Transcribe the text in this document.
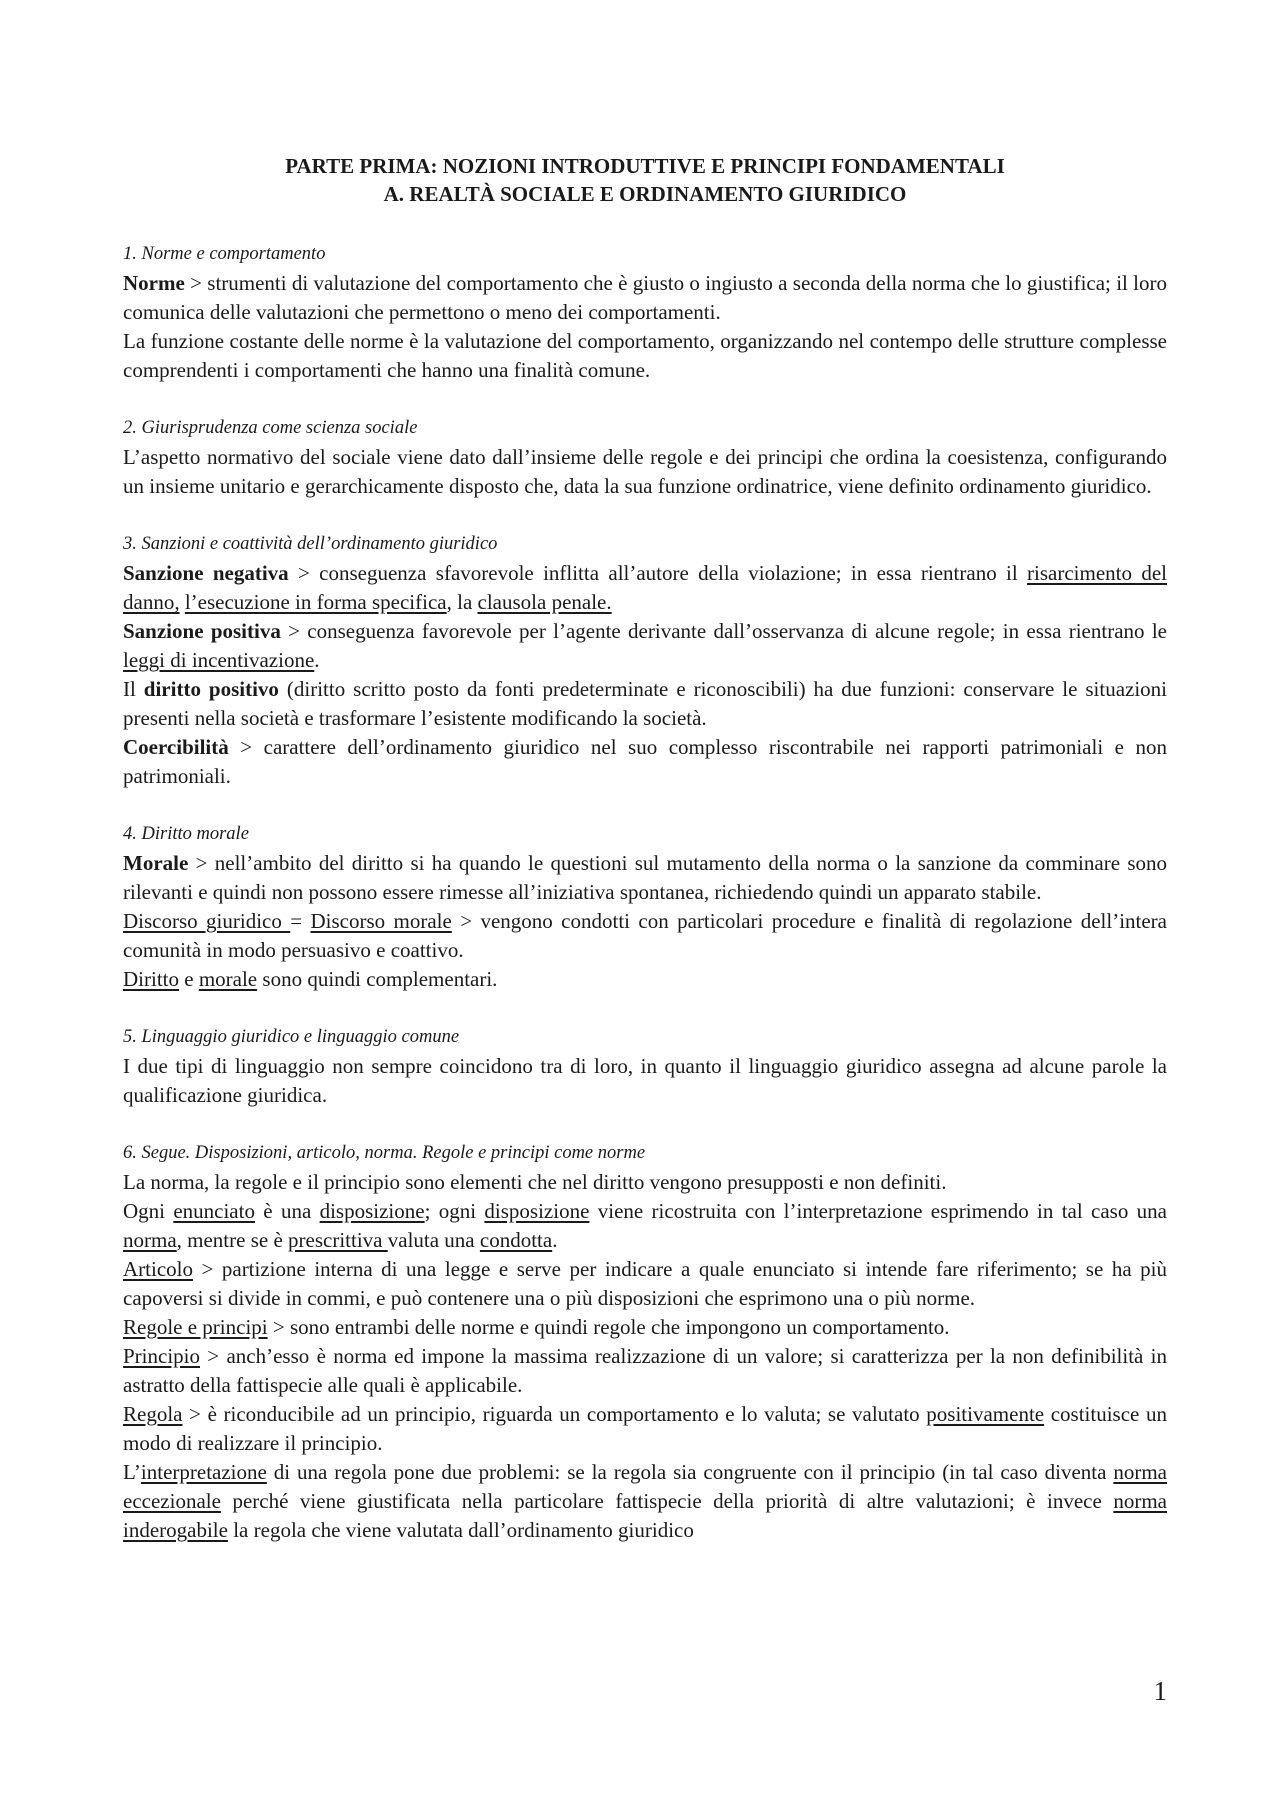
PARTE PRIMA: NOZIONI INTRODUTTIVE E PRINCIPI FONDAMENTALI
A. REALTÀ SOCIALE E ORDINAMENTO GIURIDICO

1. Norme e comportamento

Norme > strumenti di valutazione del comportamento che è giusto o ingiusto a seconda della norma che lo giustifica; il loro comunica delle valutazioni che permettono o meno dei comportamenti.

La funzione costante delle norme è la valutazione del comportamento, organizzando nel contempo delle strutture complesse comprendenti i comportamenti che hanno una finalità comune.

2. Giurisprudenza come scienza sociale

L’aspetto normativo del sociale viene dato dall’insieme delle regole e dei principi che ordina la coesistenza, configurando un insieme unitario e gerarchicamente disposto che, data la sua funzione ordinatrice, viene definito ordinamento giuridico.

3. Sanzioni e coattività dell’ordinamento giuridico

Sanzione negativa > conseguenza sfavorevole inflitta all’autore della violazione; in essa rientrano il risarcimento del danno, l’esecuzione in forma specifica, la clausola penale.

Sanzione positiva > conseguenza favorevole per l’agente derivante dall’osservanza di alcune regole; in essa rientrano le leggi di incentivazione.

Il diritto positivo (diritto scritto posto da fonti predeterminate e riconoscibili) ha due funzioni: conservare le situazioni presenti nella società e trasformare l’esistente modificando la società.

Coercibilità > carattere dell’ordinamento giuridico nel suo complesso riscontrabile nei rapporti patrimoniali e non patrimoniali.

4. Diritto morale

Morale > nell’ambito del diritto si ha quando le questioni sul mutamento della norma o la sanzione da comminare sono rilevanti e quindi non possono essere rimesse all’iniziativa spontanea, richiedendo quindi un apparato stabile.

Discorso giuridico = Discorso morale > vengono condotti con particolari procedure e finalità di regolazione dell’intera comunità in modo persuasivo e coattivo.

Diritto e morale sono quindi complementari.

5. Linguaggio giuridico e linguaggio comune

I due tipi di linguaggio non sempre coincidono tra di loro, in quanto il linguaggio giuridico assegna ad alcune parole la qualificazione giuridica.

6. Segue. Disposizioni, articolo, norma. Regole e principi come norme

La norma, la regole e il principio sono elementi che nel diritto vengono presupposti e non definiti.

Ogni enunciato è una disposizione; ogni disposizione viene ricostruita con l’interpretazione esprimendo in tal caso una norma, mentre se è prescrittiva valuta una condotta.

Articolo > partizione interna di una legge e serve per indicare a quale enunciato si intende fare riferimento; se ha più capoversi si divide in commi, e può contenere una o più disposizioni che esprimono una o più norme.

Regole e principi > sono entrambi delle norme e quindi regole che impongono un comportamento.

Principio > anch’esso è norma ed impone la massima realizzazione di un valore; si caratterizza per la non definibilità in astratto della fattispecie alle quali è applicabile.

Regola > è riconducibile ad un principio, riguarda un comportamento e lo valuta; se valutato positivamente costituisce un modo di realizzare il principio.

L’interpretazione di una regola pone due problemi: se la regola sia congruente con il principio (in tal caso diventa norma eccezionale perché viene giustificata nella particolare fattispecie della priorità di altre valutazioni; è invece norma inderogabile la regola che viene valutata dall’ordinamento giuridico

1
